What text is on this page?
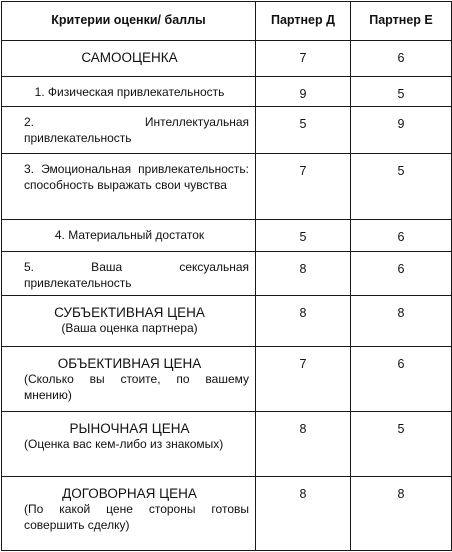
Критерии оценки/ баллы	Партнер Д	Партнер Е
САМООЦЕНКА	7	6
1. Физическая привлекательность	9	5
2. Интеллектуальная привлекательность	5	9
3. Эмоциональная привлекательность: способность выражать свои чувства	7	5
4. Материальный достаток	5	6
5. Ваша сексуальная привлекательность	8	6

СУБЪЕКТИВНАЯ ЦЕНА
(Ваша оценка партнера)	8	8

ОБЪЕКТИВНАЯ ЦЕНА
(Сколько вы стоите, по вашему мнению)	7	6

РЫНОЧНАЯ ЦЕНА
(Оценка вас кем-либо из знакомых)	8	5

ДОГОВОРНАЯ ЦЕНА
(По какой цене стороны готовы совершить сделку)	8	8
